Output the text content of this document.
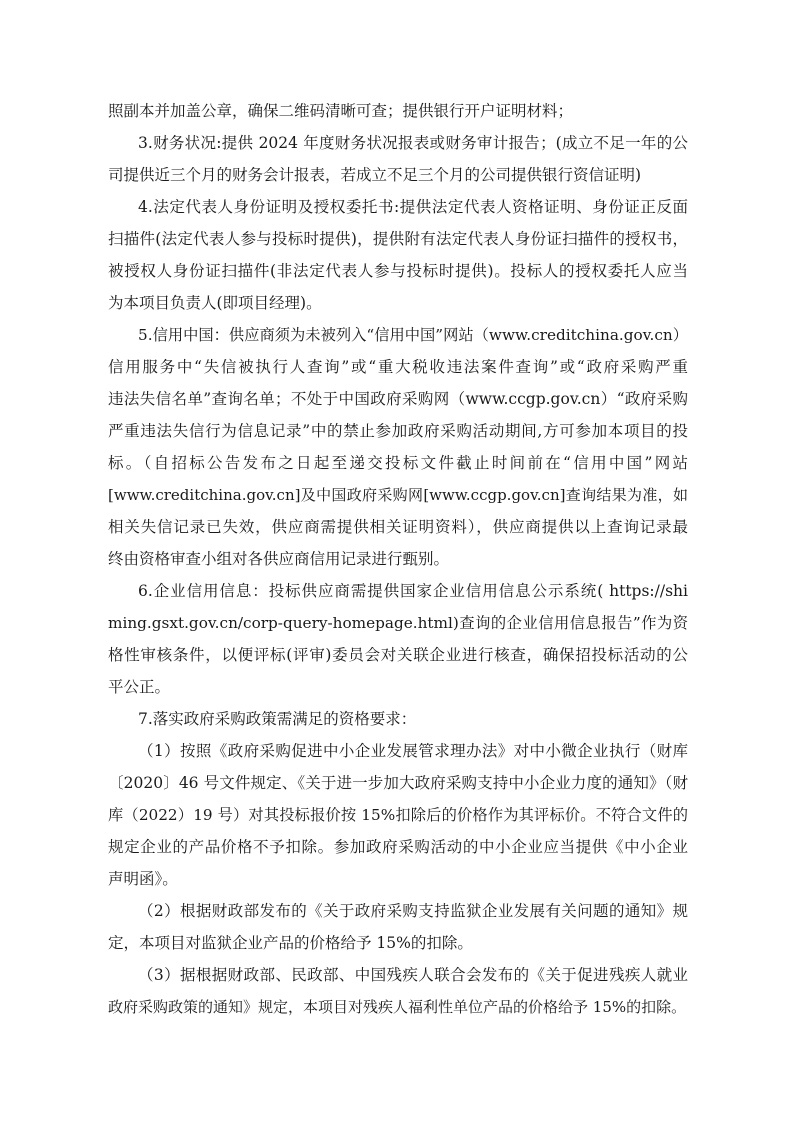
照副本并加盖公章，确保二维码清晰可查；提供银行开户证明材料；
3.财务状况:提供 2024 年度财务状况报表或财务审计报告；(成立不足一年的公
司提供近三个月的财务会计报表，若成立不足三个月的公司提供银行资信证明)
4.法定代表人身份证明及授权委托书:提供法定代表人资格证明、身份证正反面
扫描件(法定代表人参与投标时提供)，提供附有法定代表人身份证扫描件的授权书，
被授权人身份证扫描件(非法定代表人参与投标时提供)。投标人的授权委托人应当
为本项目负责人(即项目经理)。
5.信用中国：供应商须为未被列入“信用中国”网站（www.creditchina.gov.cn）
信用服务中“失信被执行人查询”或“重大税收违法案件查询”或“政府采购严重
违法失信名单”查询名单；不处于中国政府采购网（www.ccgp.gov.cn）“政府采购
严重违法失信行为信息记录”中的禁止参加政府采购活动期间,方可参加本项目的投
标。（自招标公告发布之日起至递交投标文件截止时间前在“信用中国”网站
[www.creditchina.gov.cn]及中国政府采购网[www.ccgp.gov.cn]查询结果为准，如
相关失信记录已失效，供应商需提供相关证明资料），供应商提供以上查询记录最
终由资格审查小组对各供应商信用记录进行甄别。
6.企业信用信息：投标供应商需提供国家企业信用信息公示系统( https://shi
ming.gsxt.gov.cn/corp-query-homepage.html)查询的企业信用信息报告”作为资
格性审核条件，以便评标(评审)委员会对关联企业进行核查，确保招投标活动的公
平公正。
7.落实政府采购政策需满足的资格要求：
（1）按照《政府采购促进中小企业发展管求理办法》对中小微企业执行（财库
〔2020〕46 号文件规定、《关于进一步加大政府采购支持中小企业力度的通知》（财
库（2022）19 号）对其投标报价按 15%扣除后的价格作为其评标价。不符合文件的
规定企业的产品价格不予扣除。参加政府采购活动的中小企业应当提供《中小企业
声明函》。
（2）根据财政部发布的《关于政府采购支持监狱企业发展有关问题的通知》规
定，本项目对监狱企业产品的价格给予 15%的扣除。
（3）据根据财政部、民政部、中国残疾人联合会发布的《关于促进残疾人就业
政府采购政策的通知》规定，本项目对残疾人福利性单位产品的价格给予 15%的扣除。
